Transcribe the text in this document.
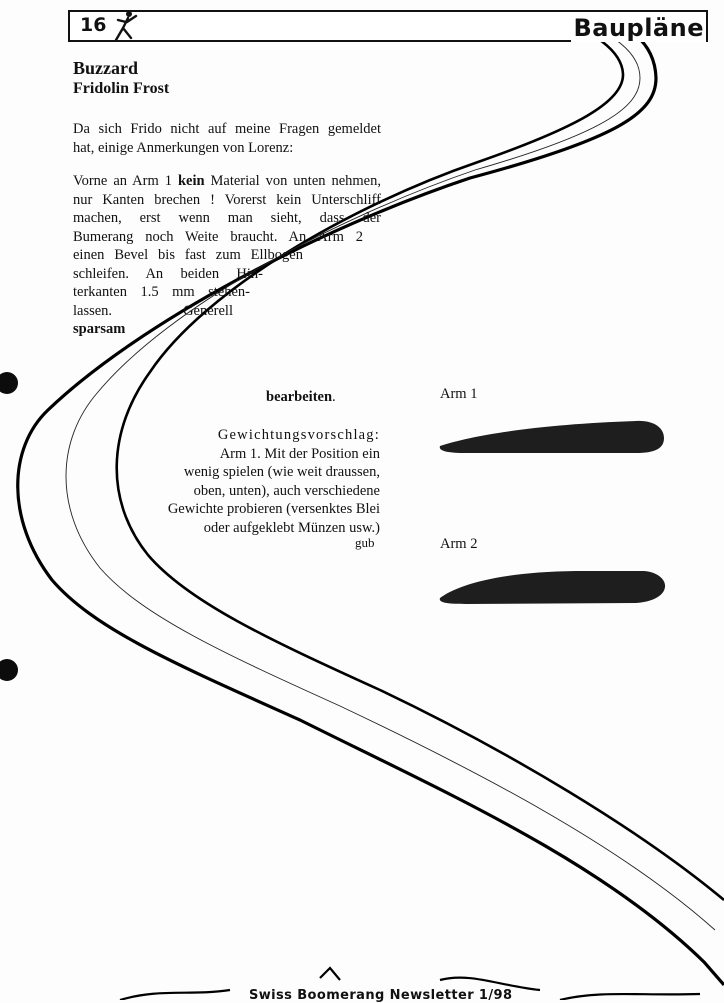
16	Baupläne
Buzzard
Fridolin Frost
Da sich Frido nicht auf meine Fragen gemeldet
hat, einige Anmerkungen von Lorenz:
Vorne an Arm 1 kein Material von unten nehmen,
nur Kanten brechen ! Vorerst kein Unterschliff
machen, erst wenn man sieht, dass der
Bumerang noch Weite braucht. An Arm 2
einen Bevel bis fast zum Ellbogen
schleifen. An beiden Hin-
terkanten 1.5 mm stehen-
lassen. Generell
sparsam
bearbeiten.
Gewichtungsvorschlag:
Arm 1. Mit der Position ein
wenig spielen (wie weit draussen,
oben, unten), auch verschiedene
Gewichte probieren (versenktes Blei
oder aufgeklebt Münzen usw.)
gub
Arm 1
Arm 2
Swiss Boomerang Newsletter 1/98
